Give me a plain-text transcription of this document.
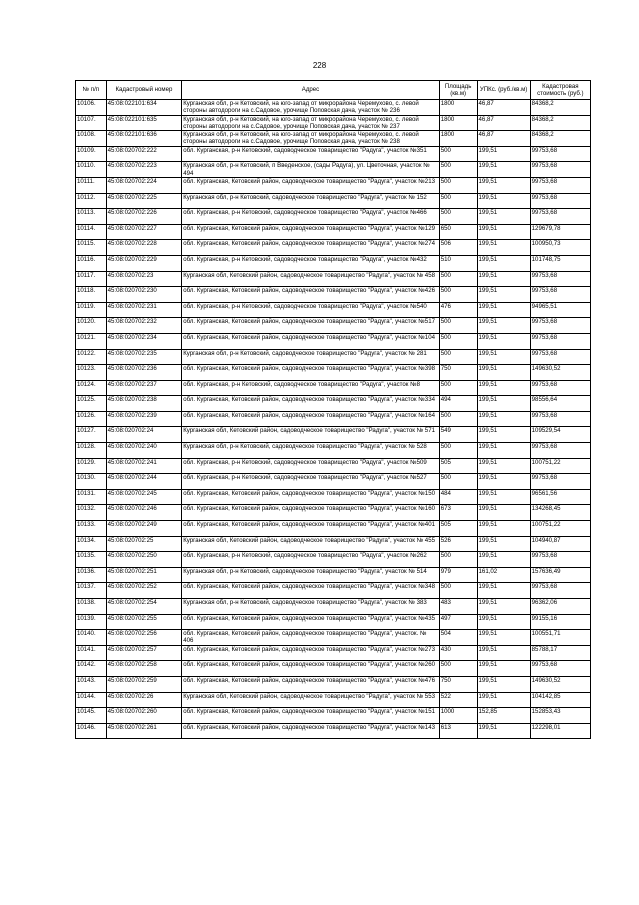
228
№ п/п	Кадастровый номер	Адрес	Площадь (кв.м)	УПКс. (руб./кв.м)	Кадастровая стоимость (руб.)
10106.	45:08:022101:634	Курганская обл, р-н Кетовский, на юго-запад от микрорайона Черемухово, с. левой стороны автодороги на с.Садовое, урочище Поповская дача, участок № 236	1800	46,87	84368,2
10107.	45:08:022101:635	Курганская обл, р-н Кетовский, на юго-запад от микрорайона Черемухово, с. левой стороны автодороги на с.Садовое, урочище Поповская дача, участок № 237	1800	46,87	84368,2
10108.	45:08:022101:636	Курганская обл, р-н Кетовский, на юго-запад от микрорайона Черемухово, с. левой стороны автодороги на с.Садовое, урочище Поповская дача, участок № 238	1800	46,87	84368,2
10109.	45:08:020702:222	обл. Курганская, р-н Кетовский, садоводческое товарищество "Радуга", участок №351	500	199,51	99753,68
10110.	45:08:020702:223	Курганская обл, р-н Кетовский, п Введенское, (сады Радуга), ул. Цветочная, участок № 494	500	199,51	99753,68
10111.	45:08:020702:224	обл. Курганская, Кетовский район, садоводческое товарищество "Радуга", участок №213	500	199,51	99753,68
10112.	45:08:020702:225	Курганская обл, р-н Кетовский, садоводческое товарищество "Радуга", участок № 152	500	199,51	99753,68
10113.	45:08:020702:226	обл. Курганская, р-н Кетовский, садоводческое товарищество "Радуга", участок №466	500	199,51	99753,68
10114.	45:08:020702:227	обл. Курганская, Кетовский район, садоводческое товарищество "Радуга", участок №129	650	199,51	129679,78
10115.	45:08:020702:228	обл. Курганская, Кетовский район, садоводческое товарищество "Радуга", участок №274	506	199,51	100950,73
10116.	45:08:020702:229	обл. Курганская, р-н Кетовский, садоводческое товарищество "Радуга", участок №432	510	199,51	101748,75
10117.	45:08:020702:23	Курганская обл, Кетовский район, садоводческое товарищество "Радуга", участок № 458	500	199,51	99753,68
10118.	45:08:020702:230	обл. Курганская, Кетовский район, садоводческое товарищество "Радуга", участок №426	500	199,51	99753,68
10119.	45:08:020702:231	обл. Курганская, р-н Кетовский, садоводческое товарищество "Радуга", участок №540	476	199,51	94965,51
10120.	45:08:020702:232	обл. Курганская, Кетовский район, садоводческое товарищество "Радуга", участок №517	500	199,51	99753,68
10121.	45:08:020702:234	обл. Курганская, Кетовский район, садоводческое товарищество "Радуга", участок №104	500	199,51	99753,68
10122.	45:08:020702:235	Курганская обл, р-н Кетовский, садоводческое товарищество "Радуга", участок № 281	500	199,51	99753,68
10123.	45:08:020702:236	обл. Курганская, Кетовский район, садоводческое товарищество "Радуга", участок №398	750	199,51	149630,52
10124.	45:08:020702:237	обл. Курганская, р-н Кетовский, садоводческое товарищество "Радуга", участок №8	500	199,51	99753,68
10125.	45:08:020702:238	обл. Курганская, Кетовский район, садоводческое товарищество "Радуга", участок №334	494	199,51	98556,64
10126.	45:08:020702:239	обл. Курганская, Кетовский район, садоводческое товарищество "Радуга", участок №164	500	199,51	99753,68
10127.	45:08:020702:24	Курганская обл, Кетовский район, садоводческое товарищество "Радуга", участок № 571	549	199,51	109529,54
10128.	45:08:020702:240	Курганская обл, р-н Кетовский, садоводческое товарищество "Радуга", участок № 528	500	199,51	99753,68
10129.	45:08:020702:241	обл. Курганская, р-н Кетовский, садоводческое товарищество "Радуга", участок №509	505	199,51	100751,22
10130.	45:08:020702:244	обл. Курганская, р-н Кетовский, садоводческое товарищество "Радуга", участок №527	500	199,51	99753,68
10131.	45:08:020702:245	обл. Курганская, Кетовский район, садоводческое товарищество "Радуга", участок №150	484	199,51	96561,56
10132.	45:08:020702:246	обл. Курганская, Кетовский район, садоводческое товарищество "Радуга", участок №160	673	199,51	134268,45
10133.	45:08:020702:249	обл. Курганская, Кетовский район, садоводческое товарищество "Радуга", участок №401	505	199,51	100751,22
10134.	45:08:020702:25	Курганская обл, Кетовский район, садоводческое товарищество "Радуга", участок № 455	526	199,51	104940,87
10135.	45:08:020702:250	обл. Курганская, р-н Кетовский, садоводческое товарищество "Радуга", участок №262	500	199,51	99753,68
10136.	45:08:020702:251	Курганская обл, р-н Кетовский, садоводческое товарищество "Радуга", участок № 514	979	161,02	157636,49
10137.	45:08:020702:252	обл. Курганская, Кетовский район, садоводческое товарищество "Радуга", участок №348	500	199,51	99753,68
10138.	45:08:020702:254	Курганская обл, р-н Кетовский, садоводческое товарищество "Радуга", участок № 383	483	199,51	96362,06
10139.	45:08:020702:255	обл. Курганская, Кетовский район, садоводческое товарищество "Радуга", участок №435	497	199,51	99155,16
10140.	45:08:020702:256	обл. Курганская, Кетовский район, садоводческое товарищество "Радуга", участок. № 406	504	199,51	100551,71
10141.	45:08:020702:257	обл. Курганская, Кетовский район, садоводческое товарищество "Радуга", участок №273	430	199,51	85788,17
10142.	45:08:020702:258	обл. Курганская, Кетовский район, садоводческое товарищество "Радуга", участок №260	500	199,51	99753,68
10143.	45:08:020702:259	обл. Курганская, Кетовский район, садоводческое товарищество "Радуга", участок №476	750	199,51	149630,52
10144.	45:08:020702:26	Курганская обл, Кетовский район, садоводческое товарищество "Радуга", участок № 553	522	199,51	104142,85
10145.	45:08:020702:260	обл. Курганская, Кетовский район, садоводческое товарищество "Радуга", участок №151	1000	152,85	152853,43
10146.	45:08:020702:261	обл. Курганская, Кетовский район, садоводческое товарищество "Радуга", участок №143	613	199,51	122298,01
